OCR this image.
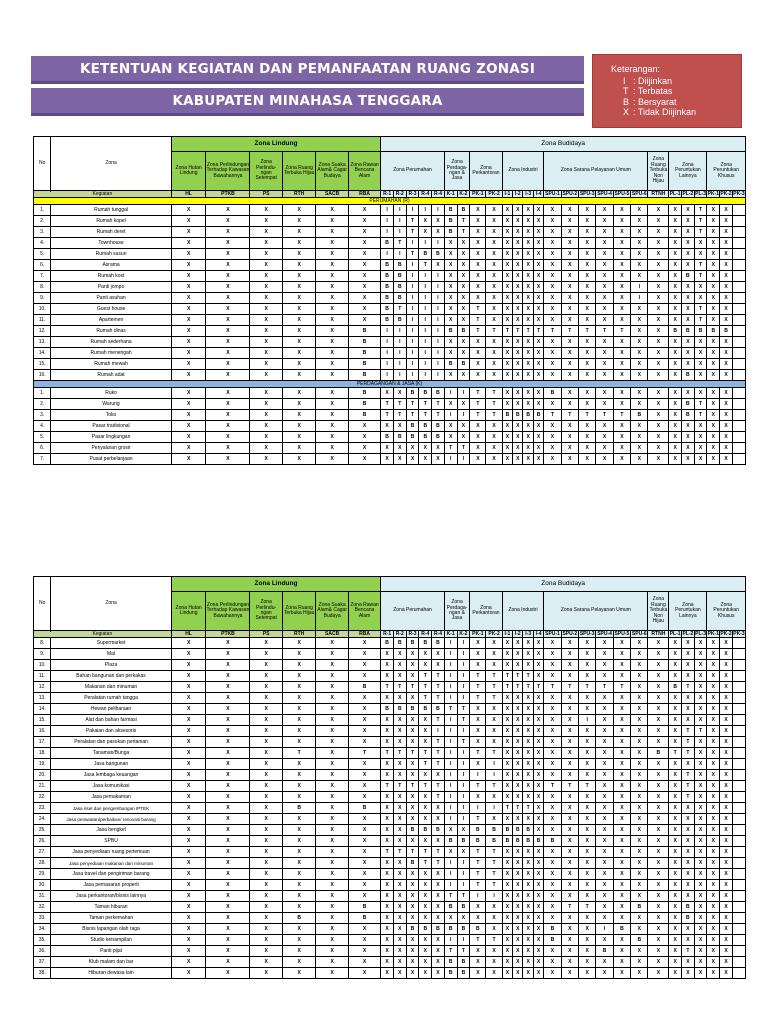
KETENTUAN KEGIATAN DAN PEMANFAATAN RUANG ZONASI
KABUPATEN MINAHASA TENGGARA
Keterangan:
I : Diijinkan
T : Terbatas
B : Bersyarat
X : Tidak Diijinkan
No	Zona	Zona Lindung						Zona Budidaya																									
		Zona Hutan Lindung	Zona Perlindungan Terhadap Kawasan Bawahannya	Zona Perlindu- ngan Setempat	Zona Ruang Terbuka Hijau	Zona Suaka Alam& Cagar Budaya	Zona Rawan Bencana Alam	Zona Perumahan					Zona Perdaga- ngan & Jasa		Zona Perkantoran		Zona Industri				Zona Sarana Pelayanan Umum						Zona Ruang Terbuka Non Hijau	Zona Peruntukan Lainnya			Zona Peruntukan Khusus		

Kegiatan		HL	PTKB	PS	RTH	SACB	RBA	R-1	R-2	R-3	R-4	R-4	K-1	K-2	PK-1	PK-2	I-1	I-2	I-3	I-4	SPU-1	SPU-2	SPU-3	SPU-4	SPU-5	SPU-6	RTNH	PL-1	PL-2	PL-3	PK-1	PK-2	PK-3
PERUMAHAN (R)																																	
1.	Rumah tunggal	X	X	X	X	X	X	I	I	I	I	I	B	B	X	X	X	X	X	X	X	X	X	X	X	X	X	X	X	T	X	X	
2.	Rumah kopel	X	X	X	X	X	X	I	I	T	X	X	B	T	X	X	X	X	X	X	X	X	X	X	X	X	X	X	X	T	X	X	
3.	Rumah deret	X	X	X	X	X	X	I	I	T	X	X	B	T	X	X	X	X	X	X	X	X	X	X	X	X	X	X	X	T	X	X	
4.	Townhouse	X	X	X	X	X	X	B	T	I	I	I	X	X	X	X	X	X	X	X	X	X	X	X	X	X	X	X	X	X	X	X	
5.	Rumah susun	X	X	X	X	X	X	I	I	T	B	B	X	X	X	X	X	X	X	X	X	X	X	X	X	X	X	X	X	X	X	X	
6.	Asrama	X	X	X	X	X	X	B	B	I	T	X	X	X	X	X	X	X	X	X	X	X	X	X	X	X	X	X	X	T	X	X	
7.	Rumah kost	X	X	X	X	X	X	B	B	I	I	I	X	X	X	X	X	X	X	X	X	X	X	X	X	X	X	X	B	T	X	X	
8.	Panti jompo	X	X	X	X	X	X	B	B	I	I	I	X	X	X	X	X	X	X	X	X	X	X	X	X	I	X	X	X	X	X	X	
9.	Panti asuhan	X	X	X	X	X	X	B	B	I	I	I	X	X	X	X	X	X	X	X	X	X	X	X	X	I	X	X	X	X	X	X	
10.	Guest house	X	X	X	X	X	X	B	T	I	I	I	X	X	T	X	X	X	X	X	X	X	X	X	X	X	X	X	X	T	X	X	
11.	Apartemen	X	X	X	X	X	X	B	B	I	I	I	X	X	T	X	X	X	X	X	X	X	X	X	X	X	X	X	X	T	X	X	
12.	Rumah dinas	X	X	X	X	X	B	I	I	I	I	I	B	B	T	T	T	T	T	T	T	T	T	T	T	X	X	B	B	B	B	B	
13.	Rumah sederhana	X	X	X	X	X	B	I	I	I	I	I	X	X	X	X	X	X	X	X	X	X	X	X	X	X	X	X	X	X	X	X	
14.	Rumah menengah	X	X	X	X	X	B	I	I	I	I	I	X	X	X	X	X	X	X	X	X	X	X	X	X	X	X	X	X	X	X	X	
15.	Rumah mewah	X	X	X	X	X	B	I	I	I	I	I	B	B	X	X	X	X	X	X	X	X	X	X	X	X	X	X	X	X	X	X	
16.	Rumah adat	X	X	X	X	X	B	I	I	I	I	I	X	X	X	X	X	X	X	X	X	X	X	X	X	X	X	X	B	X	X	X	
PERDAGANGAN & JASA (K)																																	
1.	Ruko	X	X	X	X	X	B	X	X	B	B	B	I	I	T	T	X	X	X	X	B	X	X	X	X	X	X	X	X	X	X	X	
2.	Warung	X	X	X	X	X	B	T	T	T	T	T	X	X	T	T	X	X	X	X	X	X	X	X	X	X	X	X	B	T	X	X	
3.	Toko	X	X	X	X	X	B	T	T	T	T	T	I	I	T	T	B	B	B	B	T	T	T	T	T	B	X	X	B	T	X	X	
4.	Pasar tradisional	X	X	X	X	X	X	X	X	B	B	B	X	X	X	X	X	X	X	X	X	X	X	X	X	X	X	X	X	X	X	X	
5.	Pasar lingkungan	X	X	X	X	X	X	B	B	B	B	B	X	X	X	X	X	X	X	X	X	X	X	X	X	X	X	X	X	X	X	X	
6.	Penyaluran grosir	X	X	X	X	X	X	X	X	X	X	X	T	T	X	X	X	X	X	X	X	X	X	X	X	X	X	X	X	X	X	X	
7.	Pusat perbelanjaan	X	X	X	X	X	X	X	X	X	X	X	I	I	X	X	X	X	X	X	X	X	X	X	X	X	X	X	X	X	X	X	
No	Zona	Zona Lindung						Zona Budidaya																									
		Zona Hutan Lindung	Zona Perlindungan Terhadap Kawasan Bawahannya	Zona Perlindu- ngan Setempat	Zona Ruang Terbuka Hijau	Zona Suaka Alam& Cagar Budaya	Zona Rawan Bencana Alam	Zona Perumahan					Zona Perdaga- ngan & Jasa		Zona Perkantoran		Zona Industri				Zona Sarana Pelayanan Umum						Zona Ruang Terbuka Non Hijau	Zona Peruntukan Lainnya			Zona Peruntukan Khusus		

Kegiatan		HL	PTKB	PS	RTH	SACB	RBA	R-1	R-2	R-3	R-4	R-4	K-1	K-2	PK-1	PK-2	I-1	I-2	I-3	I-4	SPU-1	SPU-2	SPU-3	SPU-4	SPU-5	SPU-6	RTNH	PL-1	PL-2	PL-3	PK-1	PK-2	PK-3
8.	Supermarket	X	X	X	X	X	X	B	B	B	B	B	I	I	X	X	X	X	X	X	X	X	X	X	X	X	X	X	X	X	X	X	
9.	Mal	X	X	X	X	X	X	X	X	X	X	X	I	I	X	X	X	X	X	X	X	X	X	X	X	X	X	X	X	X	X	X	
10.	Plaza	X	X	X	X	X	X	X	X	X	X	X	I	I	X	X	X	X	X	X	X	X	X	X	X	X	X	X	X	X	X	X	
11.	Bahan bangunan dan perkakas	X	X	X	X	X	X	X	X	X	T	T	I	I	T	T	T	T	T	X	X	X	X	X	X	X	X	X	X	X	X	X	
12.	Makanan dan minuman	X	X	X	X	X	B	T	T	T	T	T	I	I	T	T	T	T	T	T	T	T	T	T	T	X	X	B	T	X	X	X	
13.	Peralatan rumah tangga	X	X	X	X	X	X	X	X	X	T	T	I	I	T	T	X	X	X	X	X	X	X	X	X	X	X	X	X	X	X	X	
14.	Hewan peliharaan	X	X	X	X	X	X	B	B	B	B	B	T	T	X	X	X	X	X	X	X	X	X	X	X	X	X	X	X	X	X	X	
15.	Alat dan bahan farmasi	X	X	X	X	X	X	X	X	X	X	T	I	T	X	X	X	X	X	X	X	X	I	X	X	X	X	X	X	X	X	X	
16.	Pakaian dan aksesoris	X	X	X	X	X	X	X	X	X	X	I	I	I	X	X	X	X	X	X	X	X	X	X	X	X	X	X	T	T	X	X	
17.	Peralatan dan pasokan pertanian	X	X	X	X	X	X	X	X	X	X	T	I	T	X	X	X	X	X	X	X	X	X	X	X	X	X	X	T	X	X	X	
18.	Tanaman/Bunga	X	X	X	T	X	T	T	T	T	T	T	I	I	T	T	X	X	X	X	X	X	X	X	X	X	B	T	T	X	X	X	
19.	Jasa bangunan	X	X	X	X	X	X	X	X	X	T	T	I	I	X	I	X	X	X	X	X	X	X	X	X	X	X	X	X	X	X	X	
20.	Jasa lembaga keuangan	X	X	X	X	X	X	X	X	X	X	X	I	I	I	I	X	X	X	X	X	X	X	X	X	X	X	X	T	X	X	X	
21.	Jasa komunikasi	X	X	X	X	X	X	T	T	T	T	T	I	I	T	T	X	X	X	X	T	T	T	X	X	X	X	X	T	X	X	X	
22.	Jasa pemakaman	X	X	X	X	X	X	X	X	X	X	T	I	I	X	X	X	X	X	X	X	X	X	X	X	X	X	X	T	X	X	X	
23.	Jasa riset dan pengembangan IPTEK	X	X	X	B	X	B	X	X	X	X	X	I	I	I	I	T	T	T	X	X	X	X	X	X	X	X	X	X	X	X	X	
24.	Jasa perawatan/perbaikan/ renovasi barang	X	X	X	X	X	X	X	X	X	X	X	I	I	T	X	X	X	X	X	X	X	X	X	X	X	X	X	X	X	X	X	
25.	Jasa bengkel	X	X	X	X	X	X	X	X	B	B	B	X	X	B	B	B	B	B	X	X	X	X	X	X	X	X	X	X	X	X	X	
26.	SPBU	X	X	X	X	X	X	X	X	X	X	X	B	B	B	B	B	B	B	B	B	X	X	X	X	X	X	X	X	X	X	X	
27.	Jasa penyediaan ruang pertemuan	X	X	X	X	X	X	T	T	T	T	T	X	X	T	T	X	X	X	X	X	X	X	X	X	X	X	X	X	X	X	X	
28.	Jasa penyediaan makanan dan minuman	X	X	X	X	X	X	X	X	B	T	T	I	I	T	T	X	X	X	X	X	X	X	X	X	X	X	X	X	X	X	X	
29.	Jasa travel dan pengiriman barang	X	X	X	X	X	X	X	X	X	X	X	I	I	T	T	X	X	X	X	X	X	X	X	X	X	X	X	X	X	X	X	
30.	Jasa pemasaran properti	X	X	X	X	X	X	X	X	X	X	X	I	I	T	T	X	X	X	X	X	X	X	X	X	X	X	X	X	X	X	X	
31.	Jasa perkantoran/bisnis lainnya	X	X	X	X	X	X	X	X	X	X	X	T	T	I	I	X	X	X	X	X	X	X	X	X	X	X	X	X	X	X	X	
32.	Taman hiburan	X	X	X	X	X	B	X	X	X	X	X	B	B	X	X	X	X	X	X	X	T	T	X	X	B	X	X	B	X	X	X	
33.	Taman perkemahan	X	X	X	B	X	B	X	X	X	X	X	X	X	X	X	X	X	X	X	X	X	X	X	X	X	X	X	B	X	X	X	
34.	Bisnis lapangan olah raga	X	X	X	X	X	X	X	X	B	B	B	B	B	B	X	X	X	X	X	B	X	X	I	B	X	X	X	X	X	X	X	
35.	Studio ketrampilan	X	X	X	X	X	X	X	X	X	X	X	I	I	T	T	X	X	X	X	B	X	X	X	X	B	X	X	X	X	X	X	
36.	Panti pijat	X	X	X	X	X	X	X	X	X	X	X	T	T	X	X	X	X	X	X	X	X	X	B	X	X	X	X	T	X	X	X	
37.	Klub malam dan bar	X	X	X	X	X	X	X	X	X	X	X	B	B	X	X	X	X	X	X	X	X	X	X	X	X	X	X	X	X	X	X	
38.	Hiburan dewasa lain	X	X	X	X	X	X	X	X	X	X	X	B	B	X	X	X	X	X	X	X	X	X	X	X	X	X	X	X	X	X	X	
